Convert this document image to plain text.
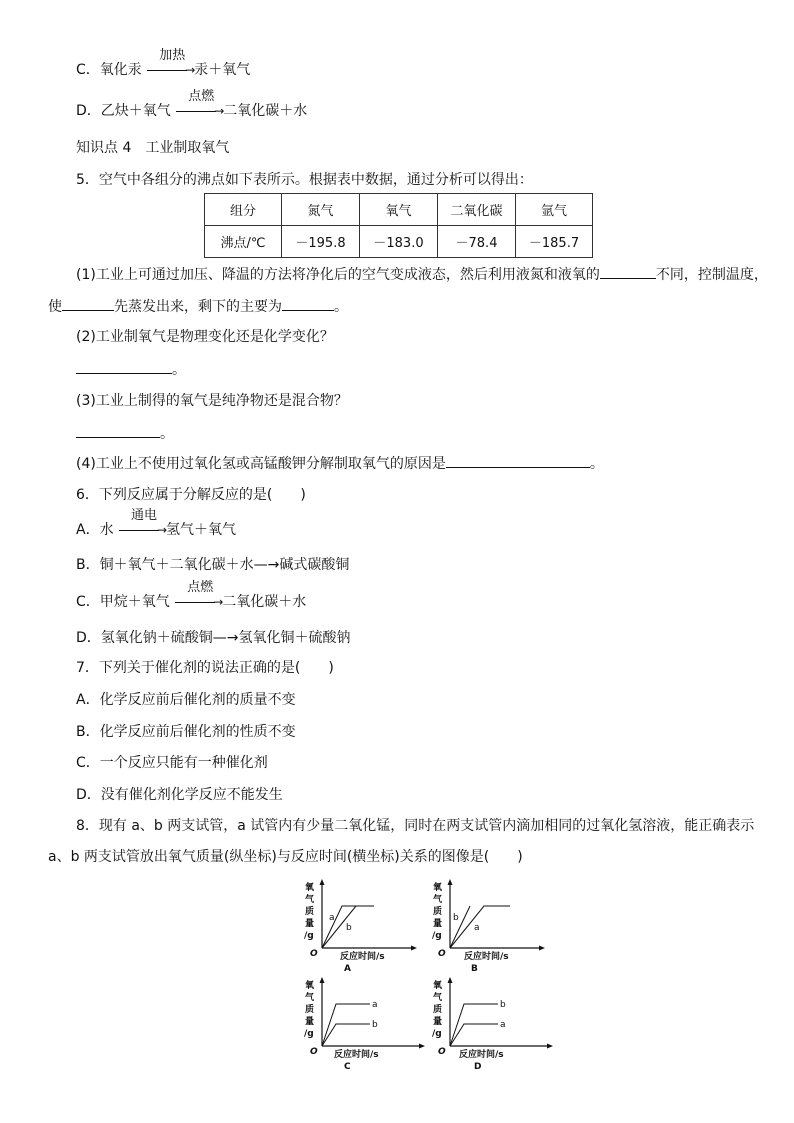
C．氧化汞
加热
→
汞＋氧气
D．乙炔＋氧气
点燃
→
二氧化碳＋水
知识点 4　工业制取氧气
5．空气中各组分的沸点如下表所示。根据表中数据，通过分析可以得出：
组分	氮气	氧气	二氧化碳	氩气
沸点/℃	－195.8	－183.0	－78.4	－185.7
(1)工业上可通过加压、降温的方法将净化后的空气变成液态，然后利用液氮和液氧的	不同，控制温度，
使	先蒸发出来，剩下的主要为	。
(2)工业制氧气是物理变化还是化学变化？
。
(3)工业上制得的氧气是纯净物还是混合物？
。
(4)工业上不使用过氧化氢或高锰酸钾分解制取氧气的原因是	。
6．下列反应属于分解反应的是(　　)
A．水
通电
→
氢气＋氧气
B．铜＋氧气＋二氧化碳＋水—→碱式碳酸铜
C．甲烷＋氧气
点燃
→
二氧化碳＋水
D．氢氧化钠＋硫酸铜—→氢氧化铜＋硫酸钠
7．下列关于催化剂的说法正确的是(　　)
A．化学反应前后催化剂的质量不变
B．化学反应前后催化剂的性质不变
C．一个反应只能有一种催化剂
D．没有催化剂化学反应不能发生
8．现有 a、b 两支试管，a 试管内有少量二氧化锰，同时在两支试管内滴加相同的过氧化氢溶液，能正确表示
a、b 两支试管放出氧气质量(纵坐标)与反应时间(横坐标)关系的图像是(　　)
氧气质量/g
O 反应时间/s
A
a
b
氧气质量/g
O 反应时间/s
B
b
a
氧气质量/g
O 反应时间/s
C
a
b
氧气质量/g
O 反应时间/s
D
b
a
